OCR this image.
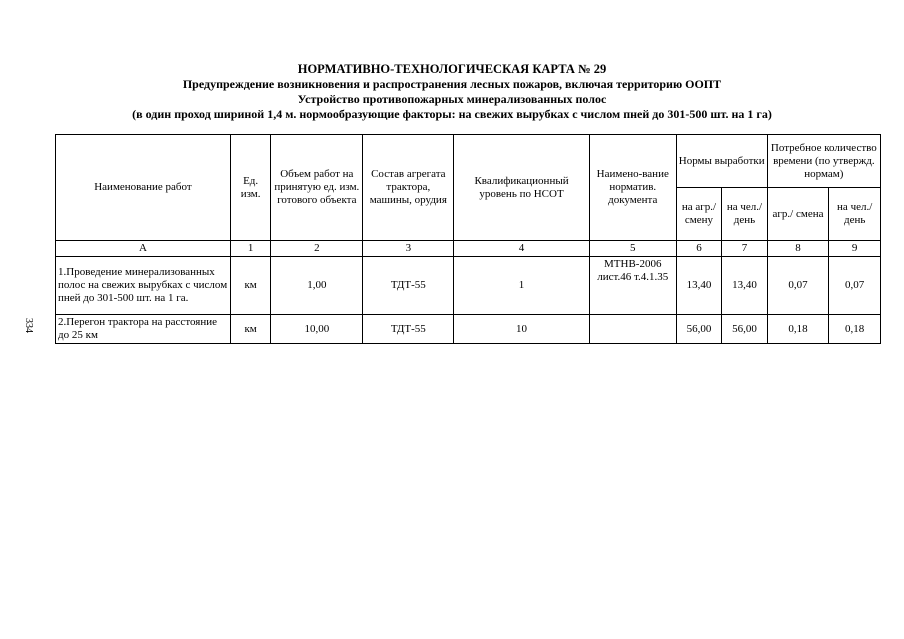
НОРМАТИВНО-ТЕХНОЛОГИЧЕСКАЯ КАРТА № 29
Предупреждение возникновения и распространения лесных пожаров, включая территорию ООПТ
Устройство противопожарных минерализованных полос
(в один проход шириной 1,4 м. нормообразующие факторы: на свежих вырубках с числом пней до 301-500 шт. на 1 га)
334
Наименование работ	Ед. изм.	Объем работ на принятую ед. изм. готового объекта	Состав агрегата трактора, машины, орудия	Квалификационный уровень по НСОТ	Наимено-вание норматив. документа	Нормы выработки		Потребное количество времени (по утвержд. нормам)	
						на агр./ смену	на чел./ день	агр./ смена	на чел./ день
А	1	2	3	4	5	6	7	8	9
1.Проведение минерализованных полос на свежих вырубках с числом пней до 301-500 шт. на 1 га.	км	1,00	ТДТ-55	1	МТНВ-2006 лист.46 т.4.1.35	13,40	13,40	0,07	0,07
2.Перегон трактора на расстояние до 25 км	км	10,00	ТДТ-55	10		56,00	56,00	0,18	0,18
